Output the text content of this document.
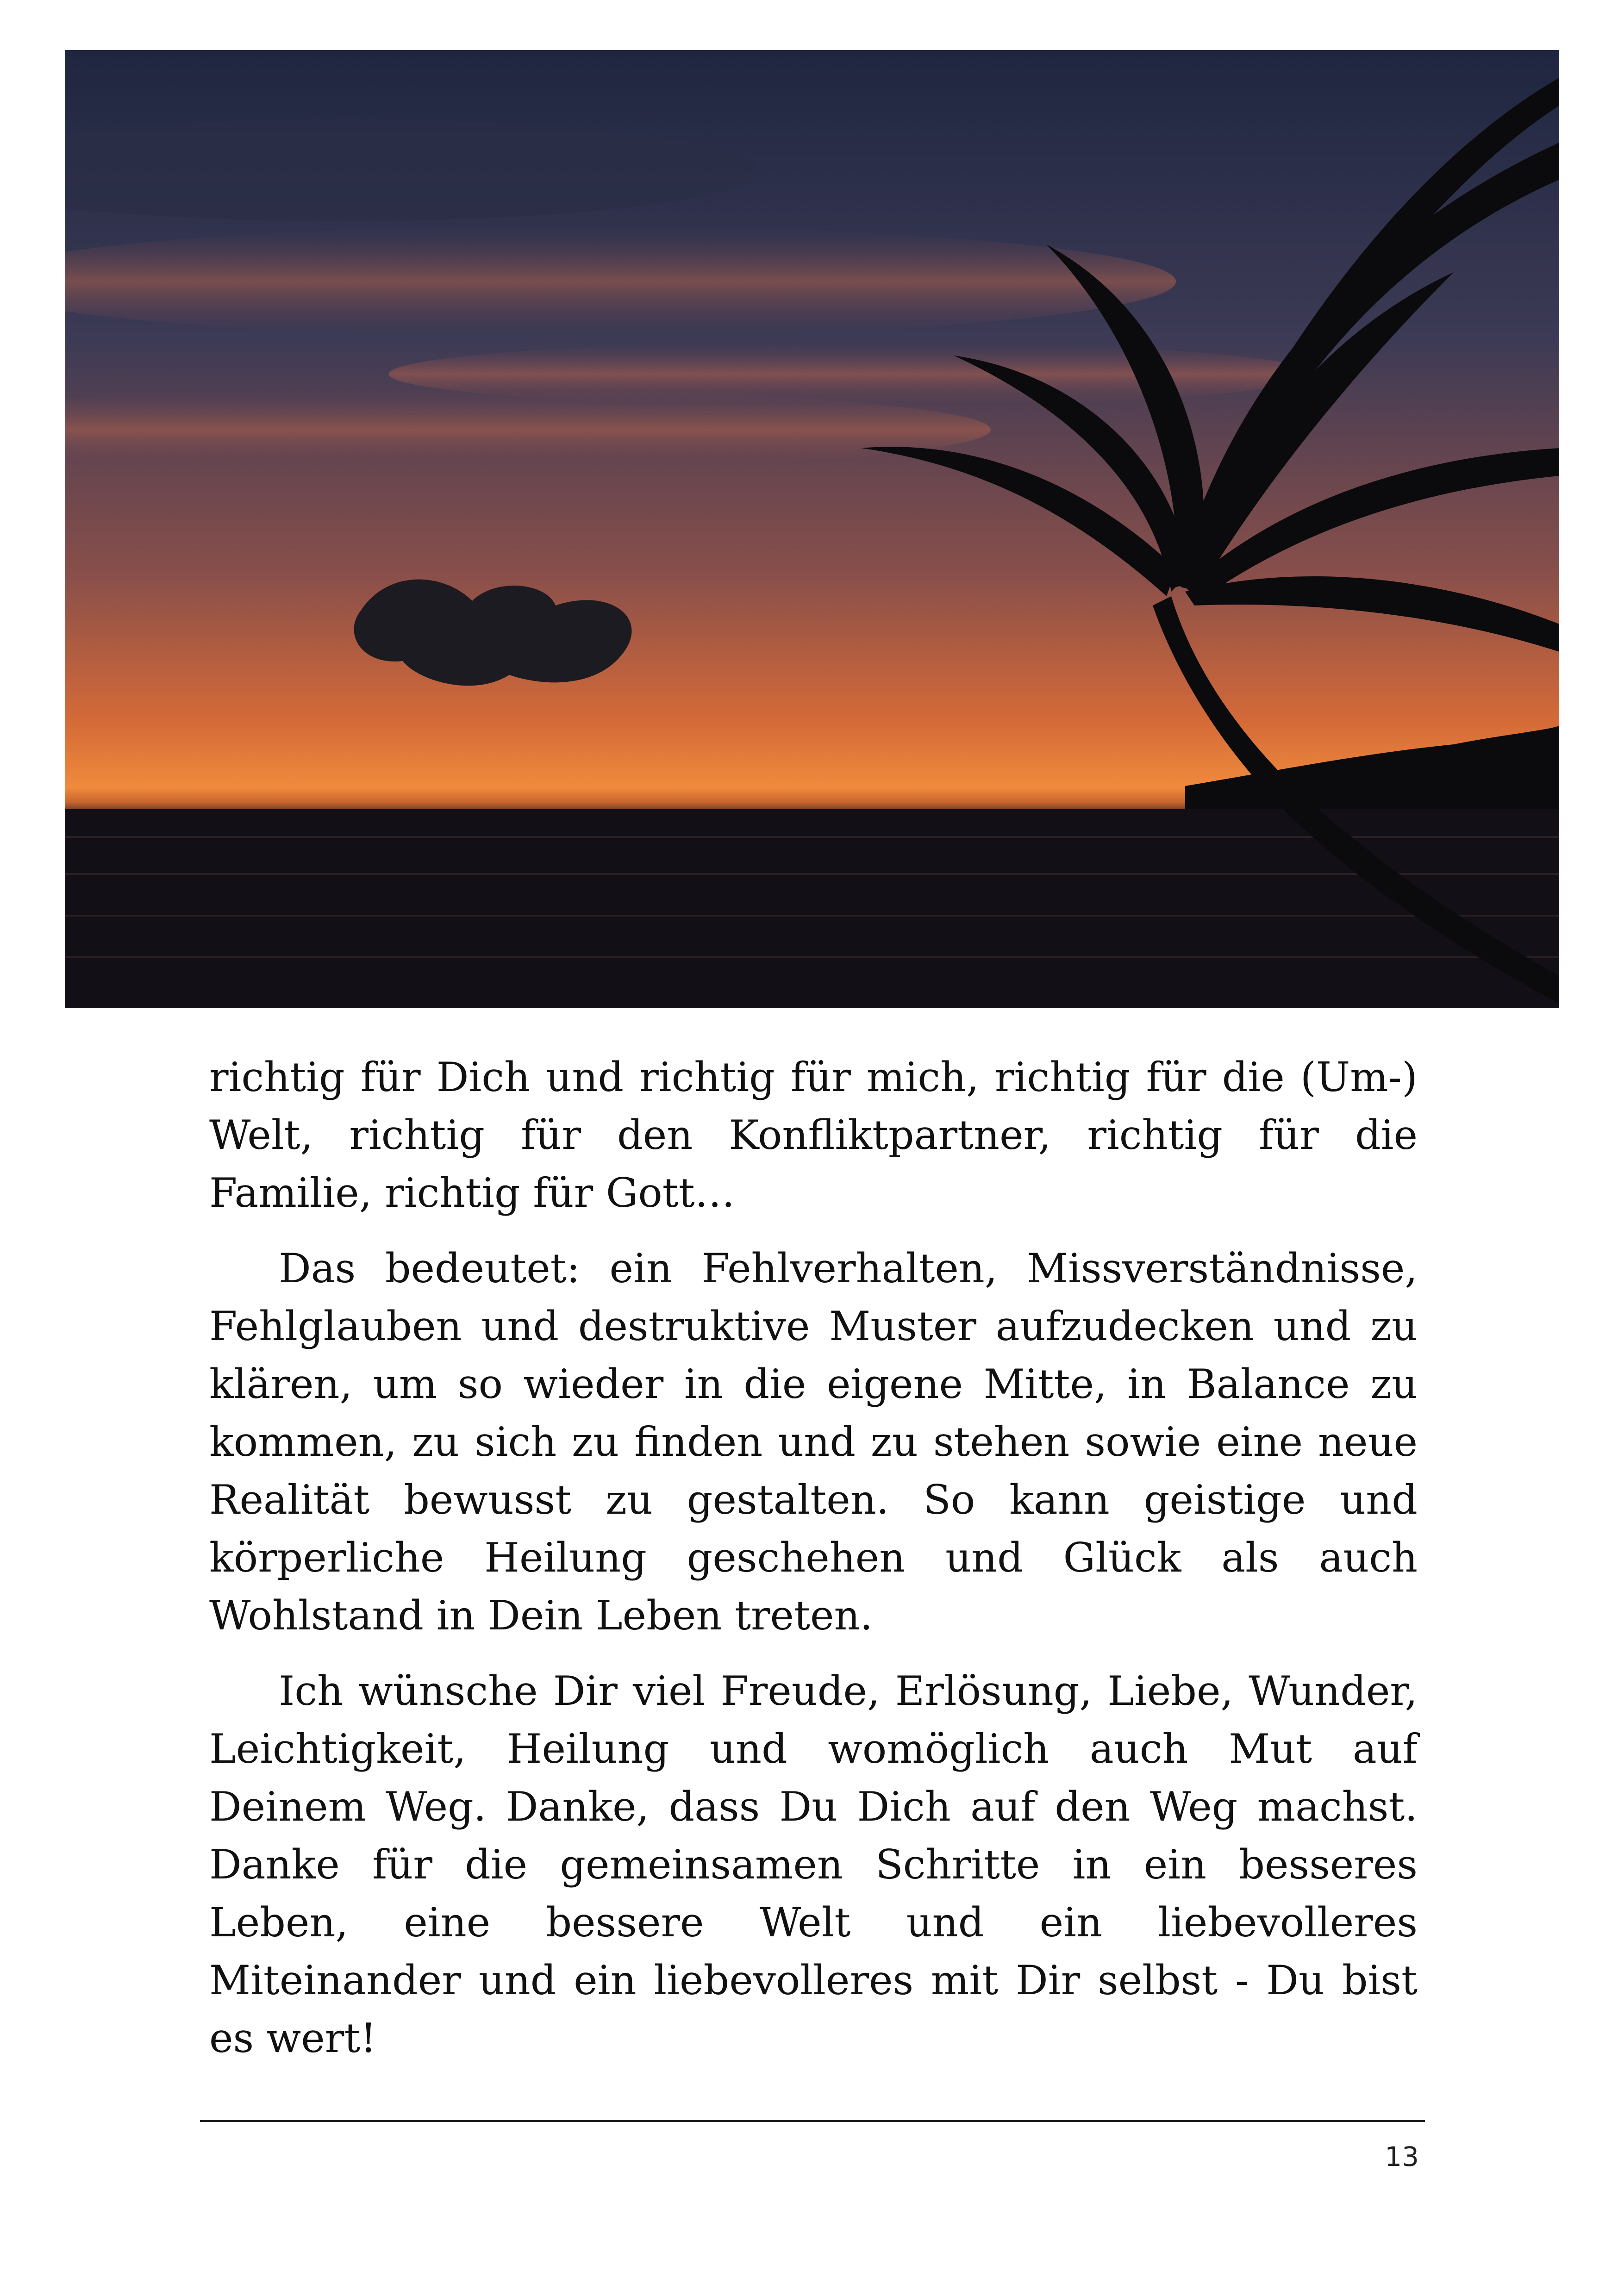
richtig für Dich und richtig für mich, richtig für die (Um-) Welt, richtig für den Konfliktpartner, richtig für die Familie, richtig für Gott…

Das bedeutet: ein Fehlverhalten, Missverständnisse, Fehlglauben und destruktive Muster aufzudecken und zu klären, um so wieder in die eigene Mitte, in Balance zu kommen, zu sich zu finden und zu stehen sowie eine neue Realität bewusst zu gestalten. So kann geistige und körperliche Heilung geschehen und Glück als auch Wohlstand in Dein Leben treten.

Ich wünsche Dir viel Freude, Erlösung, Liebe, Wunder, Leichtigkeit, Heilung und womöglich auch Mut auf Deinem Weg. Danke, dass Du Dich auf den Weg machst. Danke für die gemeinsamen Schritte in ein besseres Leben, eine bessere Welt und ein liebevolleres Miteinander und ein liebevolleres mit Dir selbst - Du bist es wert!

13
